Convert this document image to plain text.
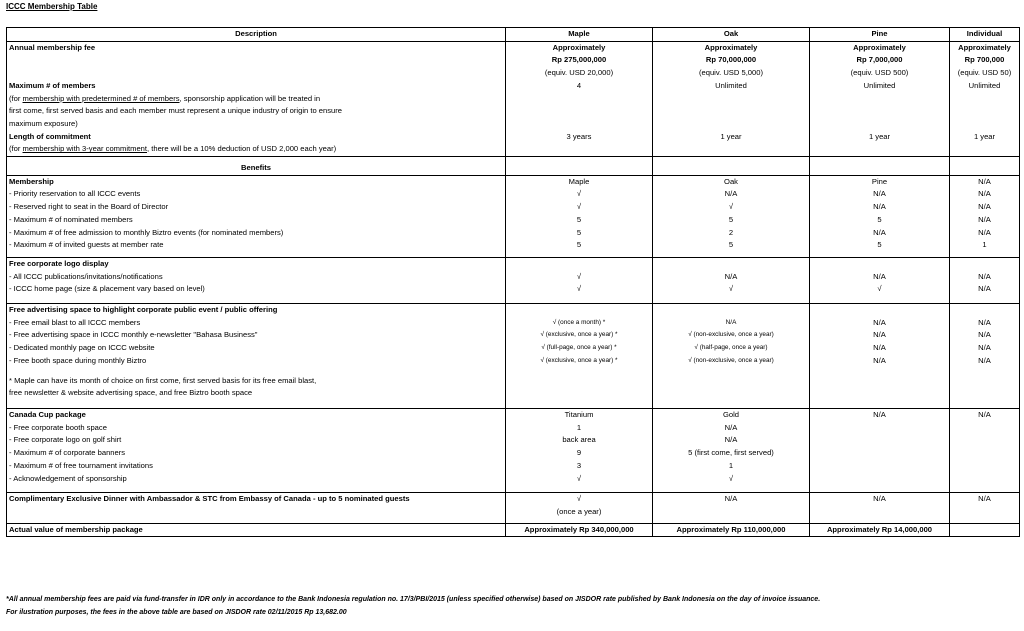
ICCC Membership Table
Description	Maple	Oak	Pine	Individual
Annual membership fee	Approximately	Approximately	Approximately	Approximately
	Rp 275,000,000	Rp 70,000,000	Rp 7,000,000	Rp 700,000
	(equiv. USD 20,000)	(equiv. USD 5,000)	(equiv. USD 500)	(equiv. USD 50)
Maximum # of members	4	Unlimited	Unlimited	Unlimited
(for membership with predetermined # of members, sponsorship application will be treated in				
first come, first served basis and each member must represent a unique industry of origin to ensure				
maximum exposure)				
Length of commitment	3 years	1 year	1 year	1 year
(for membership with 3-year commitment, there will be a 10% deduction of USD 2,000 each year)				

Benefits				
Membership	Maple	Oak	Pine	N/A
- Priority reservation to all ICCC events	√	N/A	N/A	N/A
- Reserved right to seat in the Board of Director	√	√	N/A	N/A
- Maximum # of nominated members	5	5	5	N/A
- Maximum # of free admission to monthly Biztro events (for nominated members)	5	2	N/A	N/A
- Maximum # of invited guests at member rate	5	5	5	1

Free corporate logo display				
- All ICCC publications/invitations/notifications	√	N/A	N/A	N/A
- ICCC home page (size & placement vary based on level)	√	√	√	N/A

Free advertising space to highlight corporate public event / public offering				
- Free email blast to all ICCC members	√ (once a month) *	N/A	N/A	N/A
- Free advertising space in ICCC monthly e-newsletter "Bahasa Business"	√ (exclusive, once a year) *	√ (non-exclusive, once a year)	N/A	N/A
- Dedicated monthly page on ICCC website	√ (full-page, once a year) *	√ (half-page, once a year)	N/A	N/A
- Free booth space during monthly Biztro	√ (exclusive, once a year) *	√ (non-exclusive, once a year)	N/A	N/A

* Maple can have its month of choice on first come, first served basis for its free email blast,				
free newsletter & website advertising space, and free Biztro booth space				

Canada Cup package	Titanium	Gold	N/A	N/A
- Free corporate booth space	1	N/A		
- Free corporate logo on golf shirt	back area	N/A		
- Maximum # of corporate banners	9	5 (first come, first served)		
- Maximum # of free tournament invitations	3	1		
- Acknowledgement of sponsorship	√	√		

Complimentary Exclusive Dinner with Ambassador & STC from Embassy of Canada - up to 5 nominated guests	√	N/A	N/A	N/A
	(once a year)			

Actual value of membership package	Approximately Rp 340,000,000	Approximately Rp 110,000,000	Approximately Rp 14,000,000	
*All annual membership fees are paid via fund-transfer in IDR only in accordance to the Bank Indonesia regulation no. 17/3/PBI/2015 (unless specified otherwise) based on JISDOR rate published by Bank Indonesia on the day of invoice issuance.
For ilustration purposes, the fees in the above table are based on JISDOR rate 02/11/2015 Rp 13,682.00
